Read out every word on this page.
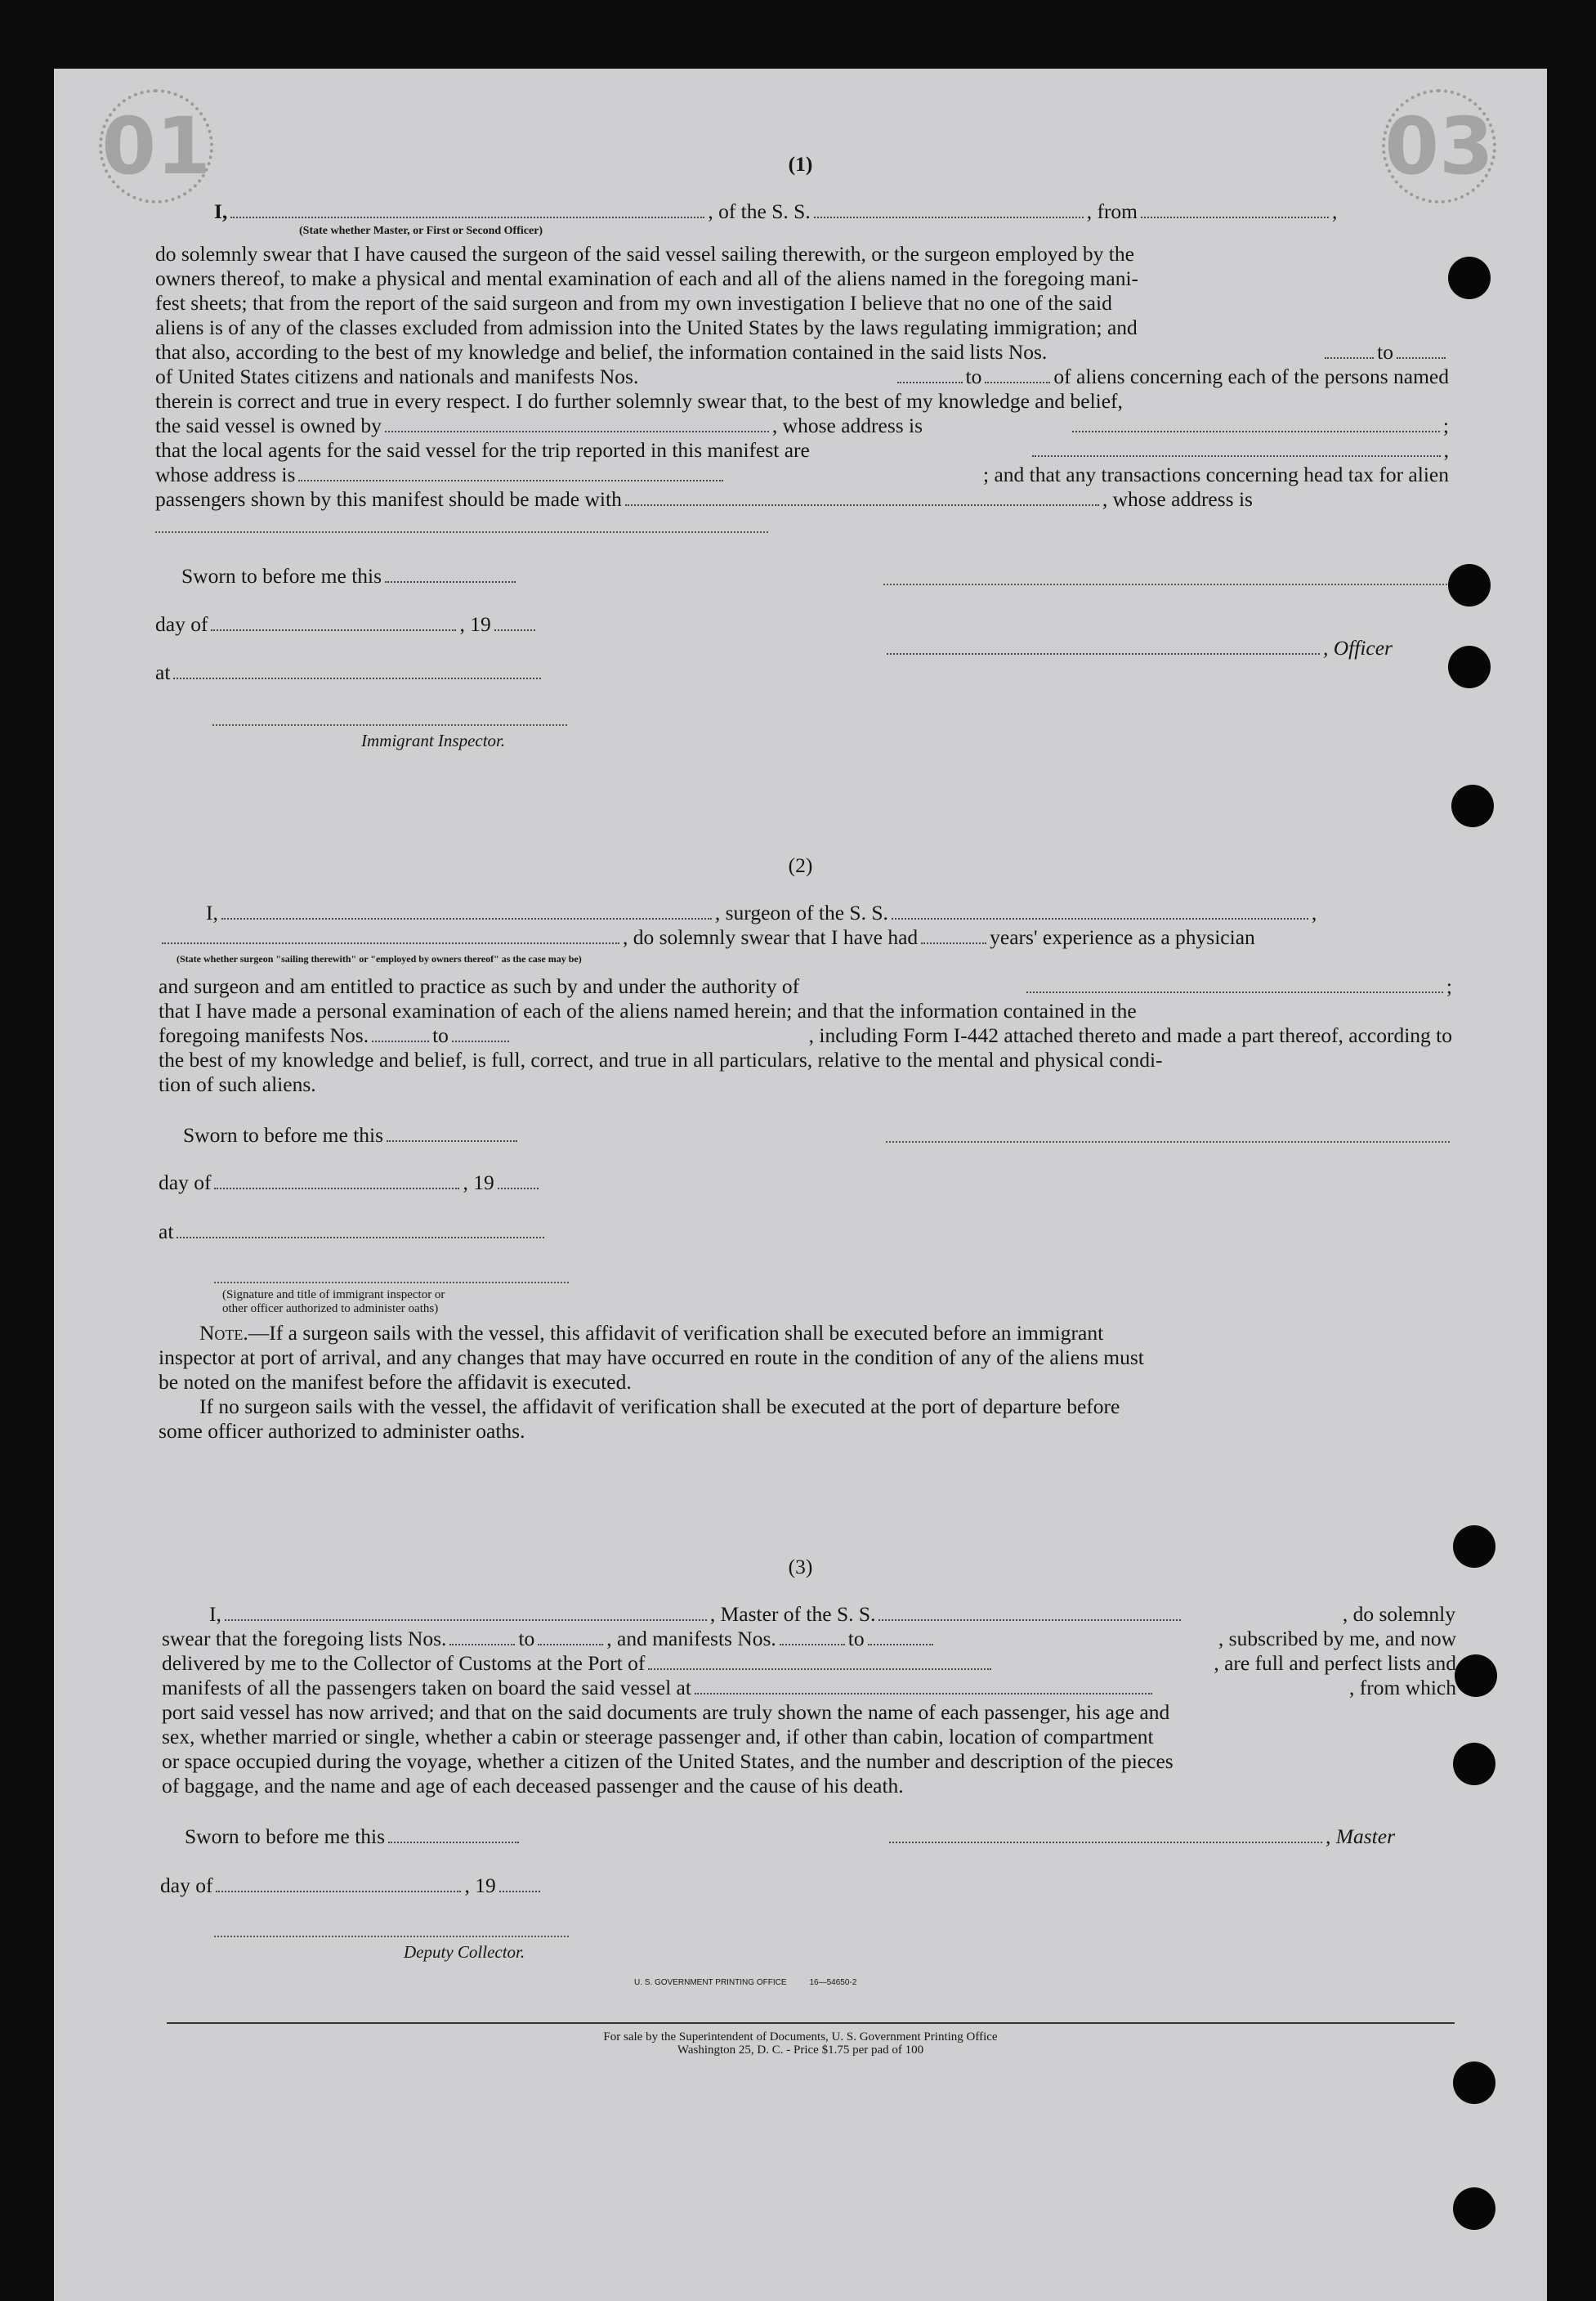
01	03
(1)
I,	, of the S. S.	, from	,
(State whether Master, or First or Second Officer)
do solemnly swear that I have caused the surgeon of the said vessel sailing therewith, or the surgeon employed by the
owners thereof, to make a physical and mental examination of each and all of the aliens named in the foregoing mani-
fest sheets; that from the report of the said surgeon and from my own investigation I believe that no one of the said
aliens is of any of the classes excluded from admission into the United States by the laws regulating immigration; and
that also, according to the best of my knowledge and belief, the information contained in the said lists Nos.	to
of United States citizens and nationals and manifests Nos.	to	of aliens concerning each of the persons named
therein is correct and true in every respect. I do further solemnly swear that, to the best of my knowledge and belief,
the said vessel is owned by	, whose address is	;
that the local agents for the said vessel for the trip reported in this manifest are	,
whose address is	; and that any transactions concerning head tax for alien
passengers shown by this manifest should be made with	, whose address is
Sworn to before me this
day of	, 19
, Officer
at
Immigrant Inspector.
(2)
I,	, surgeon of the S. S.	,
, do solemnly swear that I have had	years' experience as a physician
(State whether surgeon "sailing therewith" or "employed by owners thereof" as the case may be)
and surgeon and am entitled to practice as such by and under the authority of	;
that I have made a personal examination of each of the aliens named herein; and that the information contained in the
foregoing manifests Nos.	to	, including Form I-442 attached thereto and made a part thereof, according to
the best of my knowledge and belief, is full, correct, and true in all particulars, relative to the mental and physical condi-
tion of such aliens.
Sworn to before me this
day of	, 19
at
(Signature and title of immigrant inspector or
other officer authorized to administer oaths)
Note.—If a surgeon sails with the vessel, this affidavit of verification shall be executed before an immigrant
inspector at port of arrival, and any changes that may have occurred en route in the condition of any of the aliens must
be noted on the manifest before the affidavit is executed.
If no surgeon sails with the vessel, the affidavit of verification shall be executed at the port of departure before
some officer authorized to administer oaths.
(3)
I,	, Master of the S. S.	, do solemnly
swear that the foregoing lists Nos.	to	, and manifests Nos.	to	, subscribed by me, and now
delivered by me to the Collector of Customs at the Port of	, are full and perfect lists and
manifests of all the passengers taken on board the said vessel at	, from which
port said vessel has now arrived; and that on the said documents are truly shown the name of each passenger, his age and
sex, whether married or single, whether a cabin or steerage passenger and, if other than cabin, location of compartment
or space occupied during the voyage, whether a citizen of the United States, and the number and description of the pieces
of baggage, and the name and age of each deceased passenger and the cause of his death.
Sworn to before me this	, Master
day of	, 19
Deputy Collector.
U. S. GOVERNMENT PRINTING OFFICE	16—54650-2
For sale by the Superintendent of Documents, U. S. Government Printing Office
Washington 25, D. C. - Price $1.75 per pad of 100
